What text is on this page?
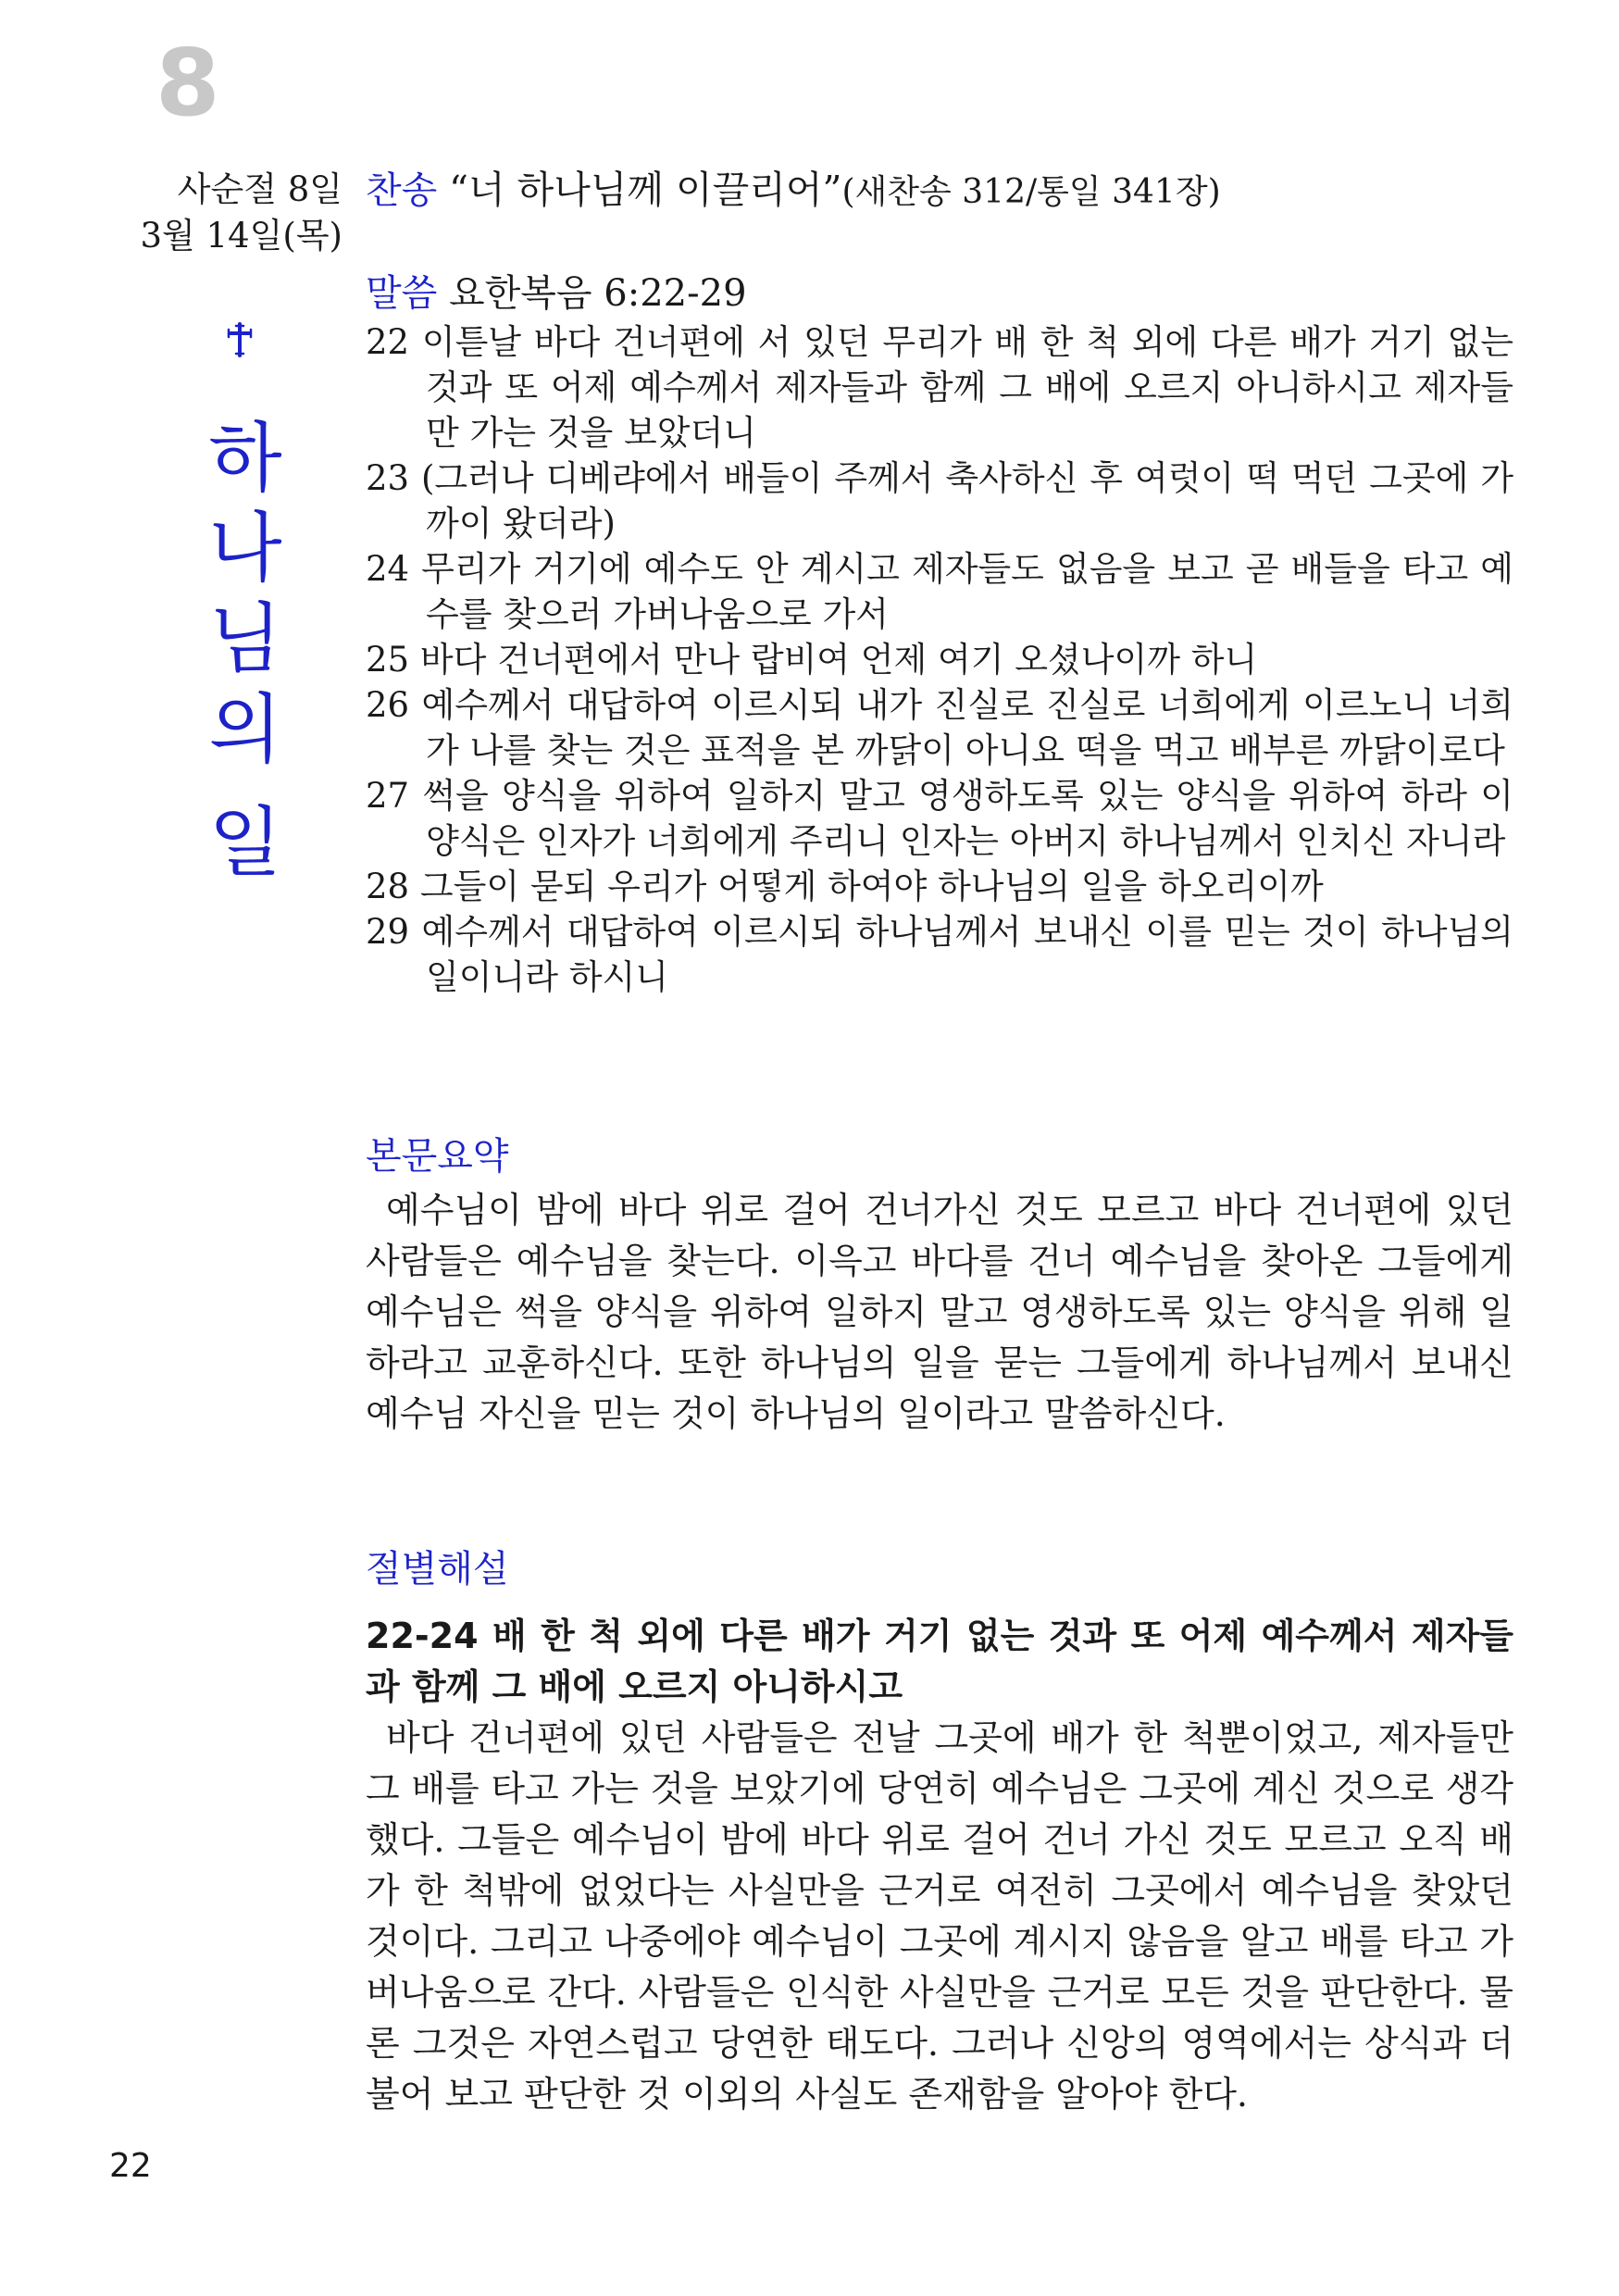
8
사순절 8일
3월 14일(목)
하
나
님
의
일
찬송 “너 하나님께 이끌리어”(새찬송 312/통일 341장)
말씀 요한복음 6:22-29
22 이튿날 바다 건너편에 서 있던 무리가 배 한 척 외에 다른 배가 거기 없는 것과 또 어제 예수께서 제자들과 함께 그 배에 오르지 아니하시고 제자들만 가는 것을 보았더니
23 (그러나 디베랴에서 배들이 주께서 축사하신 후 여럿이 떡 먹던 그곳에 가까이 왔더라)
24 무리가 거기에 예수도 안 계시고 제자들도 없음을 보고 곧 배들을 타고 예수를 찾으러 가버나움으로 가서
25 바다 건너편에서 만나 랍비여 언제 여기 오셨나이까 하니
26 예수께서 대답하여 이르시되 내가 진실로 진실로 너희에게 이르노니 너희가 나를 찾는 것은 표적을 본 까닭이 아니요 떡을 먹고 배부른 까닭이로다
27 썩을 양식을 위하여 일하지 말고 영생하도록 있는 양식을 위하여 하라 이 양식은 인자가 너희에게 주리니 인자는 아버지 하나님께서 인치신 자니라
28 그들이 묻되 우리가 어떻게 하여야 하나님의 일을 하오리이까
29 예수께서 대답하여 이르시되 하나님께서 보내신 이를 믿는 것이 하나님의 일이니라 하시니
본문요약
예수님이 밤에 바다 위로 걸어 건너가신 것도 모르고 바다 건너편에 있던 사람들은 예수님을 찾는다. 이윽고 바다를 건너 예수님을 찾아온 그들에게 예수님은 썩을 양식을 위하여 일하지 말고 영생하도록 있는 양식을 위해 일하라고 교훈하신다. 또한 하나님의 일을 묻는 그들에게 하나님께서 보내신 예수님 자신을 믿는 것이 하나님의 일이라고 말씀하신다.
절별해설
22-24 배 한 척 외에 다른 배가 거기 없는 것과 또 어제 예수께서 제자들과 함께 그 배에 오르지 아니하시고
바다 건너편에 있던 사람들은 전날 그곳에 배가 한 척뿐이었고, 제자들만 그 배를 타고 가는 것을 보았기에 당연히 예수님은 그곳에 계신 것으로 생각했다. 그들은 예수님이 밤에 바다 위로 걸어 건너 가신 것도 모르고 오직 배가 한 척밖에 없었다는 사실만을 근거로 여전히 그곳에서 예수님을 찾았던 것이다. 그리고 나중에야 예수님이 그곳에 계시지 않음을 알고 배를 타고 가버나움으로 간다. 사람들은 인식한 사실만을 근거로 모든 것을 판단한다. 물론 그것은 자연스럽고 당연한 태도다. 그러나 신앙의 영역에서는 상식과 더불어 보고 판단한 것 이외의 사실도 존재함을 알아야 한다.
22
